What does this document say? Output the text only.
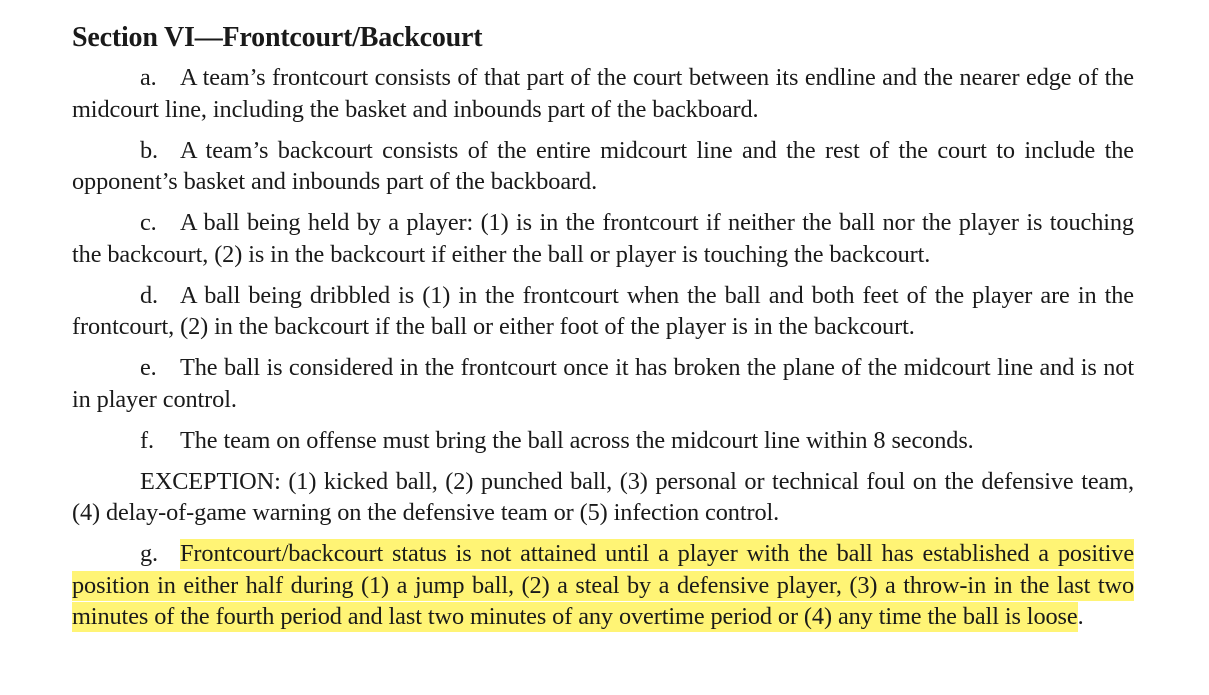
Section VI—Frontcourt/Backcourt

a. A team’s frontcourt consists of that part of the court between its endline and the nearer edge of the midcourt line, including the basket and inbounds part of the backboard.

b. A team’s backcourt consists of the entire midcourt line and the rest of the court to include the opponent’s basket and inbounds part of the backboard.

c. A ball being held by a player: (1) is in the frontcourt if neither the ball nor the player is touching the backcourt, (2) is in the backcourt if either the ball or player is touching the backcourt.

d. A ball being dribbled is (1) in the frontcourt when the ball and both feet of the player are in the frontcourt, (2) in the backcourt if the ball or either foot of the player is in the backcourt.

e. The ball is considered in the frontcourt once it has broken the plane of the midcourt line and is not in player control.

f. The team on offense must bring the ball across the midcourt line within 8 seconds.

EXCEPTION: (1) kicked ball, (2) punched ball, (3) personal or technical foul on the defensive team, (4) delay-of-game warning on the defensive team or (5) infection control.

g. Frontcourt/backcourt status is not attained until a player with the ball has established a positive position in either half during (1) a jump ball, (2) a steal by a defensive player, (3) a throw-in in the last two minutes of the fourth period and last two minutes of any overtime period or (4) any time the ball is loose.
